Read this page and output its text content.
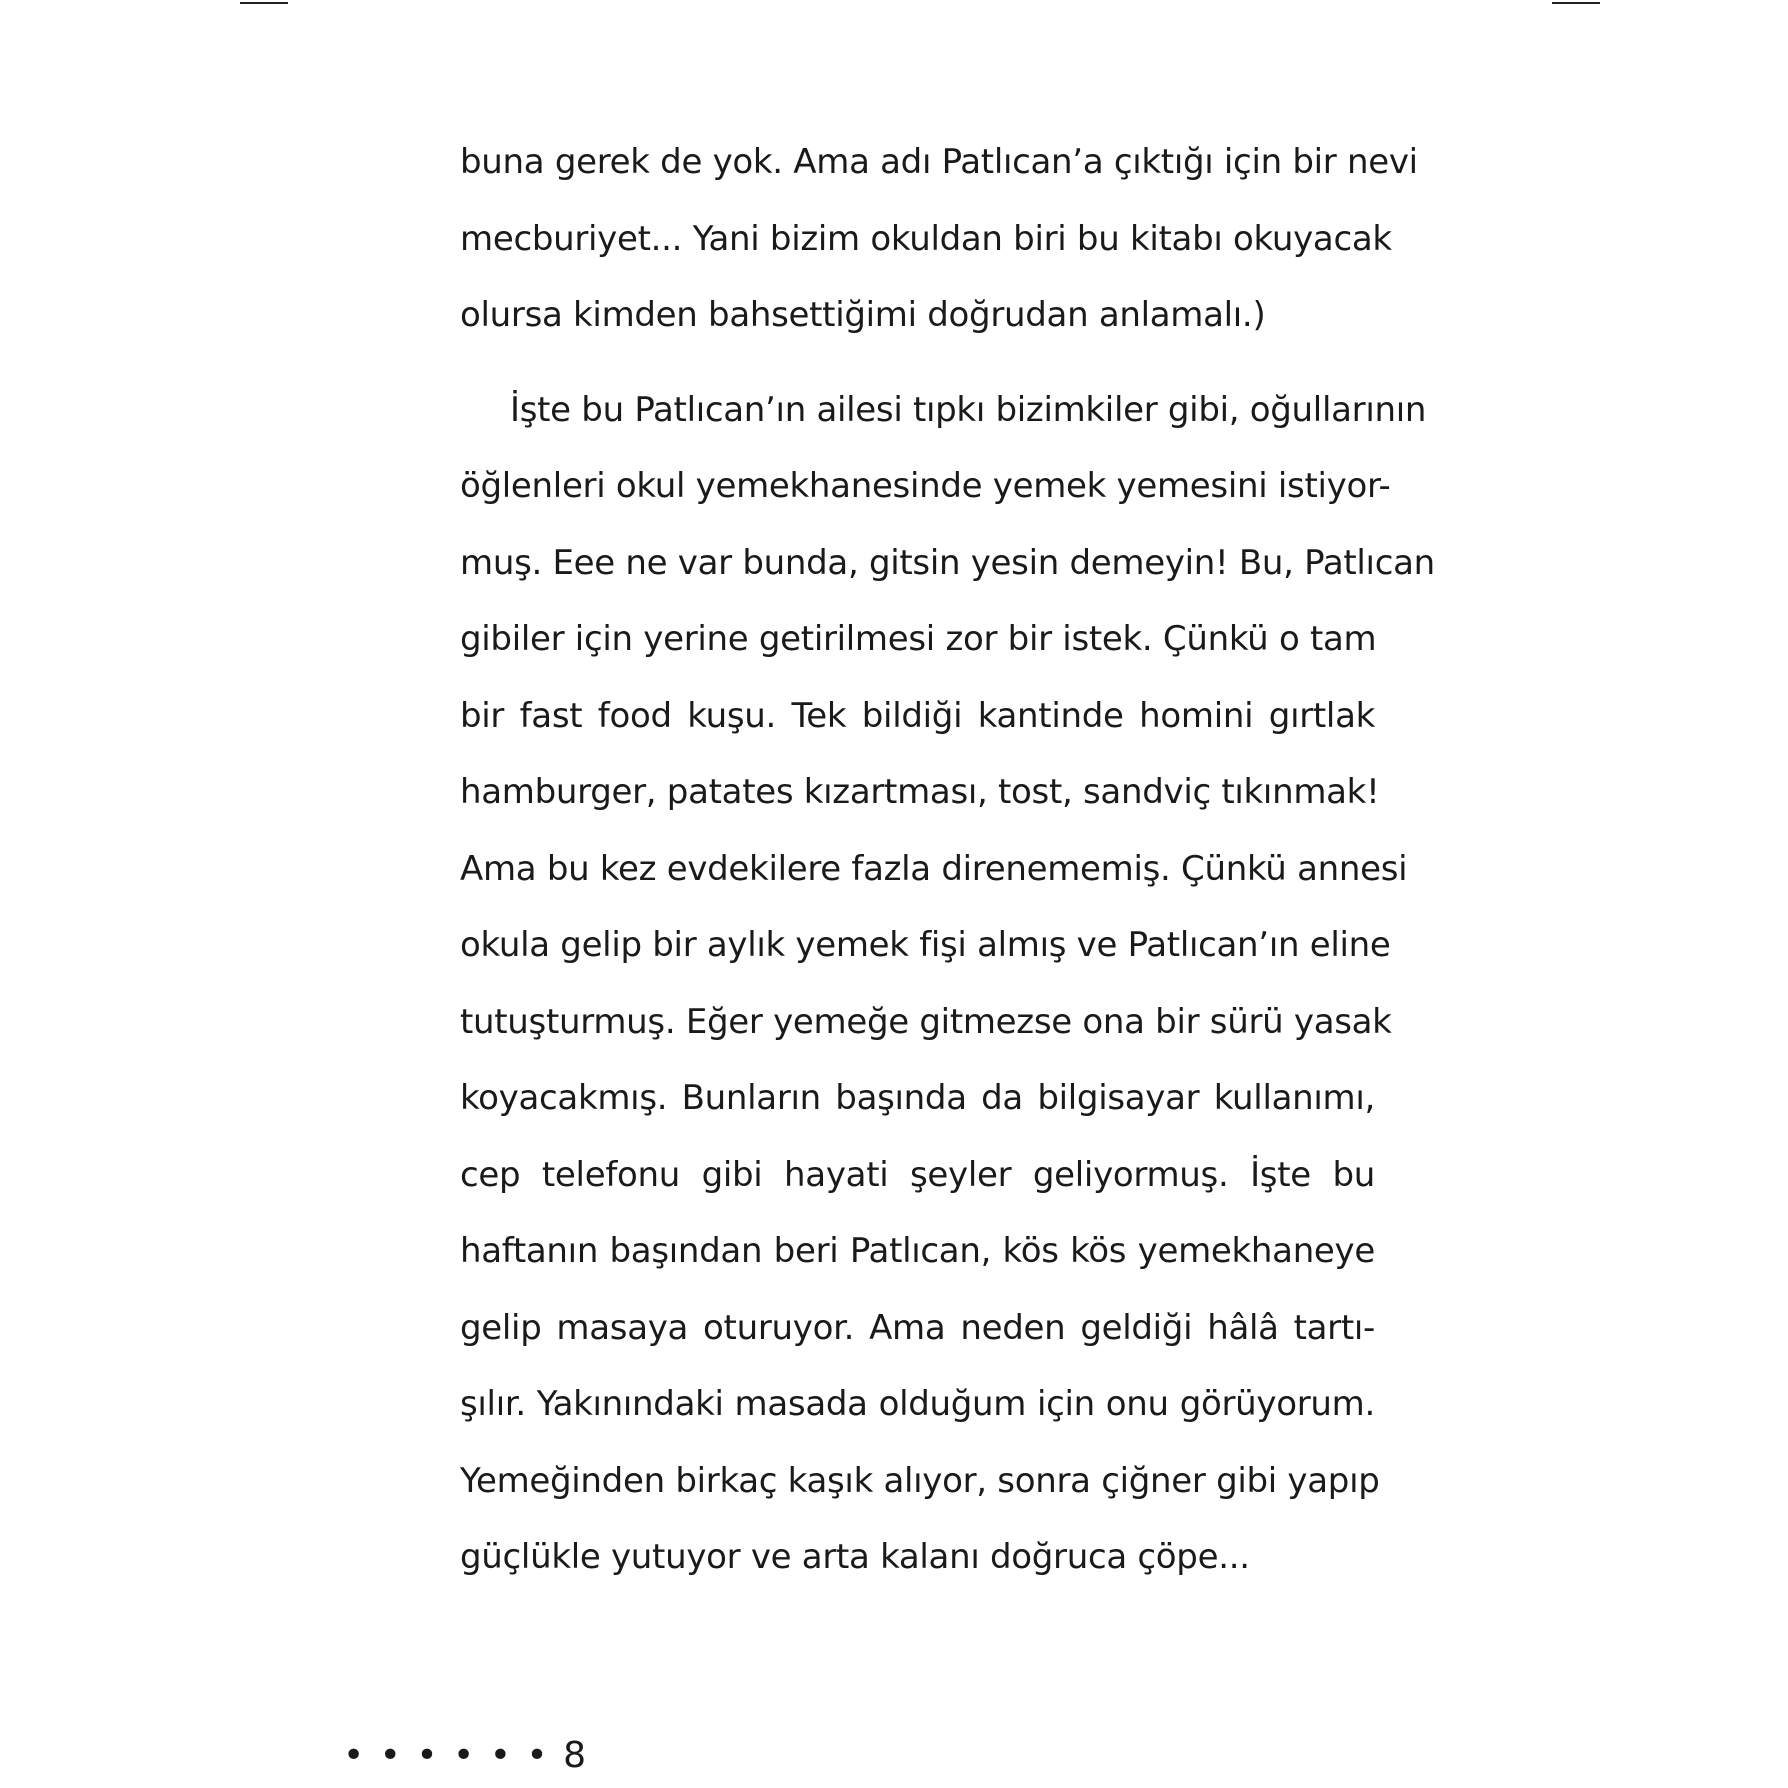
buna gerek de yok. Ama adı Patlıcan’a çıktığı için bir nevi
mecburiyet... Yani bizim okuldan biri bu kitabı okuyacak
olursa kimden bahsettiğimi doğrudan anlamalı.)
İşte bu Patlıcan’ın ailesi tıpkı bizimkiler gibi, oğullarının
öğlenleri okul yemekhanesinde yemek yemesini istiyor-
muş. Eee ne var bunda, gitsin yesin demeyin! Bu, Patlıcan
gibiler için yerine getirilmesi zor bir istek. Çünkü o tam
bir fast food kuşu. Tek bildiği kantinde homini gırtlak
hamburger, patates kızartması, tost, sandviç tıkınmak!
Ama bu kez evdekilere fazla direnememiş. Çünkü annesi
okula gelip bir aylık yemek fişi almış ve Patlıcan’ın eline
tutuşturmuş. Eğer yemeğe gitmezse ona bir sürü yasak
koyacakmış. Bunların başında da bilgisayar kullanımı,
cep telefonu gibi hayati şeyler geliyormuş. İşte bu
haftanın başından beri Patlıcan, kös kös yemekhaneye
gelip masaya oturuyor. Ama neden geldiği hâlâ tartı-
şılır. Yakınındaki masada olduğum için onu görüyorum.
Yemeğinden birkaç kaşık alıyor, sonra çiğner gibi yapıp
güçlükle yutuyor ve arta kalanı doğruca çöpe...
• • • • • • 8
